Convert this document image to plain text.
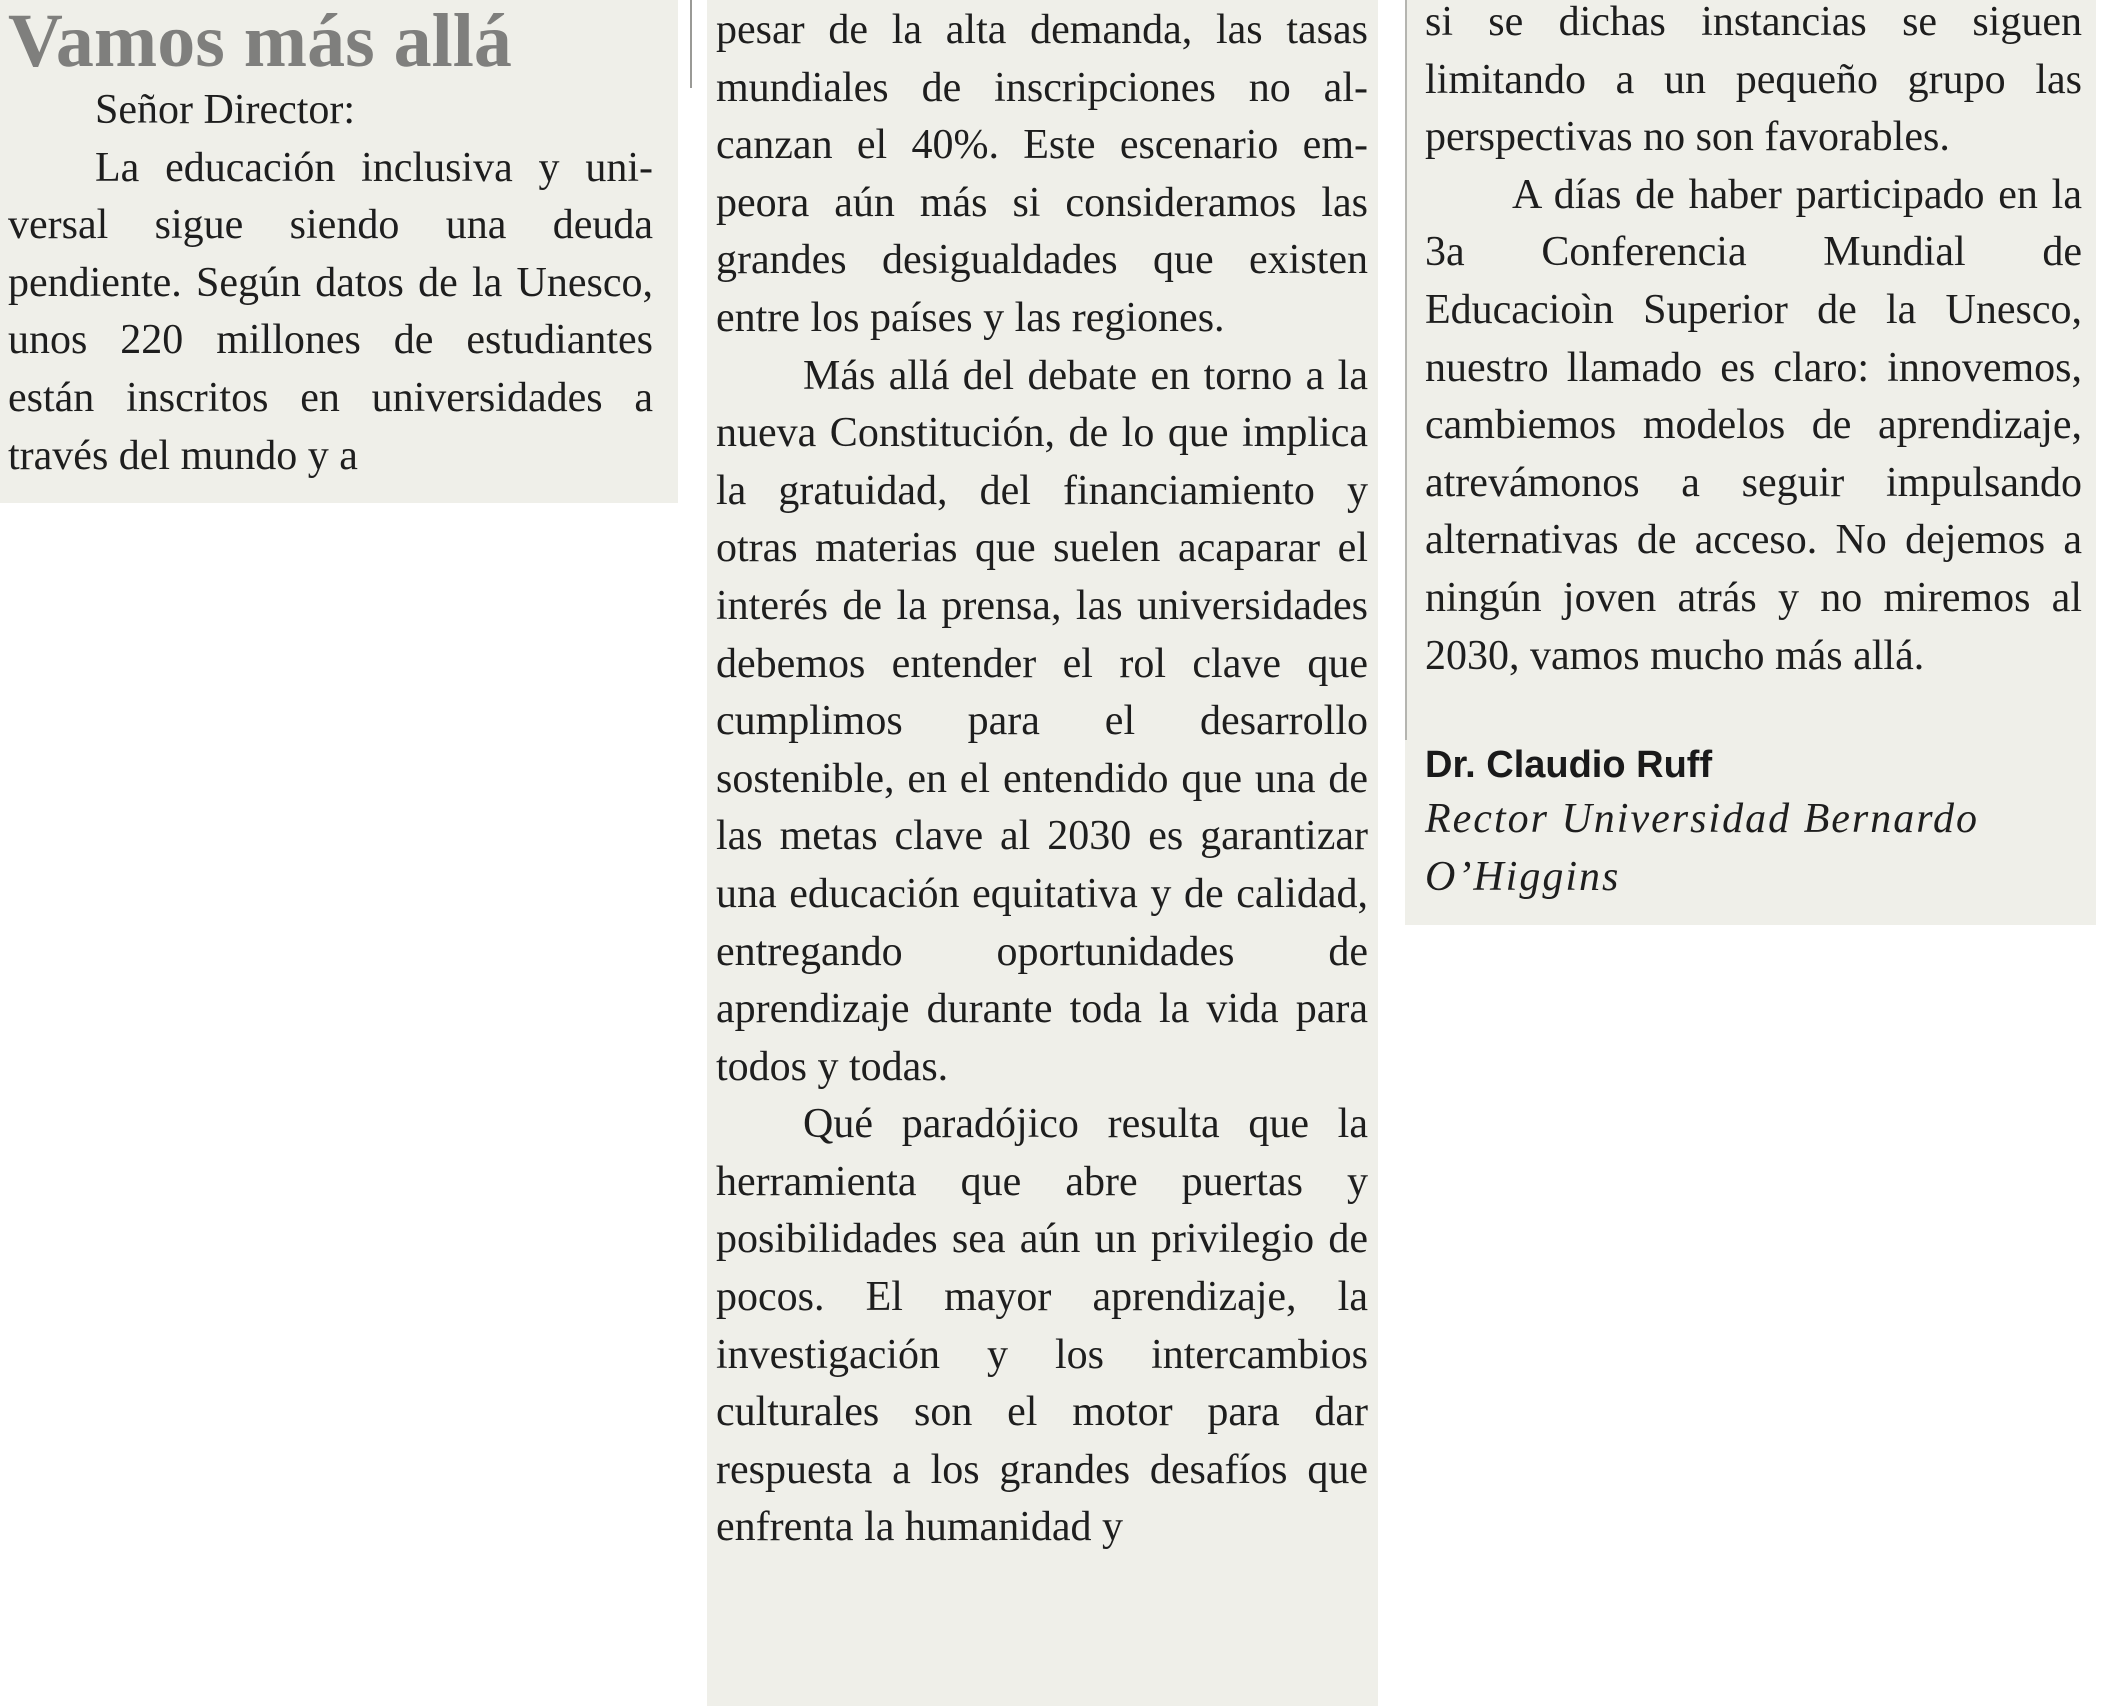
Vamos más allá

Señor Director:

La educación inclusiva y universal sigue siendo una deuda pendiente. Según datos de la Unesco, unos 220 millones de estudiantes están inscritos en universidades a través del mundo y a

pesar de la alta demanda, las tasas mundiales de inscripciones no alcanzan el 40%. Este escenario empeora aún más si consideramos las grandes desigualdades que existen entre los países y las regiones.

Más allá del debate en torno a la nueva Constitución, de lo que implica la gratuidad, del financiamiento y otras materias que suelen acaparar el interés de la prensa, las universidades debemos entender el rol clave que cumplimos para el desarrollo sostenible, en el entendido que una de las metas clave al 2030 es garantizar una educación equitativa y de calidad, entregando oportunidades de aprendizaje durante toda la vida para todos y todas.

Qué paradójico resulta que la herramienta que abre puertas y posibilidades sea aún un privilegio de pocos. El mayor aprendizaje, la investigación y los intercambios culturales son el motor para dar respuesta a los grandes desafíos que enfrenta la humanidad y

si se dichas instancias se siguen limitando a un pequeño grupo las perspectivas no son favorables.

A días de haber participado en la 3a Conferencia Mundial de Educacioìn Superior de la Unesco, nuestro llamado es claro: innovemos, cambiemos modelos de aprendizaje, atrevámonos a seguir impulsando alternativas de acceso. No dejemos a ningún joven atrás y no miremos al 2030, vamos mucho más allá.

Dr. Claudio Ruff

Rector Universidad Bernardo O’Higgins
